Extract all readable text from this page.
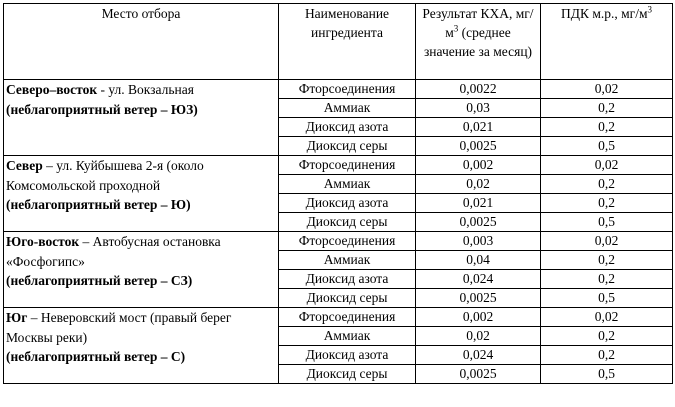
Место отбора	Наименование ингредиента	Результат КХА, $мг/м^3$ (среднее значение за месяц)	ПДК м.р., $мг/м^3$
Северо–восток - ул. Вокзальная
(неблагоприятный ветер – ЮЗ)	Фторсоединения	0,0022	0,02
	Аммиак	0,03	0,2
	Диоксид азота	0,021	0,2
	Диоксид серы	0,0025	0,5
Север – ул. Куйбышева 2-я (около Комсомольской проходной
(неблагоприятный ветер – Ю)	Фторсоединения	0,002	0,02
	Аммиак	0,02	0,2
	Диоксид азота	0,021	0,2
	Диоксид серы	0,0025	0,5
Юго-восток – Автобусная остановка «Фосфогипс»
(неблагоприятный ветер – СЗ)	Фторсоединения	0,003	0,02
	Аммиак	0,04	0,2
	Диоксид азота	0,024	0,2
	Диоксид серы	0,0025	0,5
Юг – Неверовский мост (правый берег Москвы реки)
(неблагоприятный ветер – С)	Фторсоединения	0,002	0,02
	Аммиак	0,02	0,2
	Диоксид азота	0,024	0,2
	Диоксид серы	0,0025	0,5
